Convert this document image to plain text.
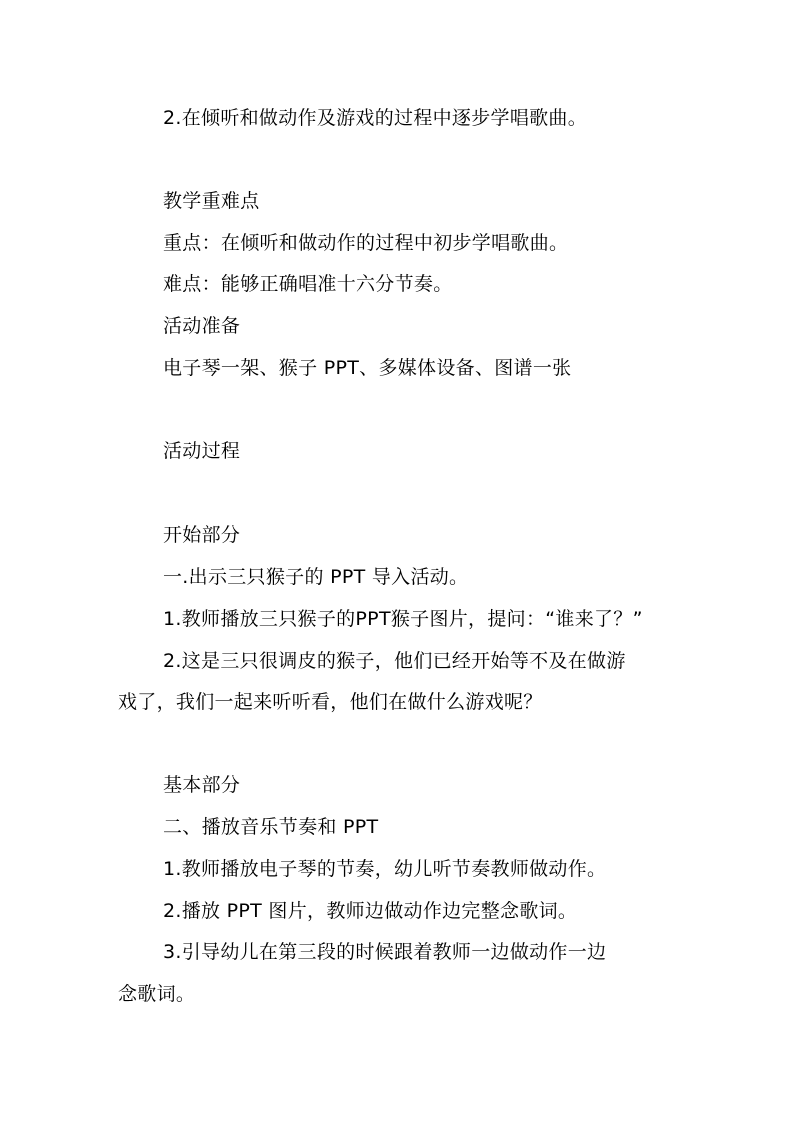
2.在倾听和做动作及游戏的过程中逐步学唱歌曲。
教学重难点
重点：在倾听和做动作的过程中初步学唱歌曲。
难点：能够正确唱准十六分节奏。
活动准备
电子琴一架、猴子 PPT、多媒体设备、图谱一张
活动过程
开始部分
一.出示三只猴子的 PPT 导入活动。
1.教师播放三只猴子的PPT猴子图片，提问：“谁来了？”
2.这是三只很调皮的猴子，他们已经开始等不及在做游
戏了，我们一起来听听看，他们在做什么游戏呢？
基本部分
二、播放音乐节奏和 PPT
1.教师播放电子琴的节奏，幼儿听节奏教师做动作。
2.播放 PPT 图片，教师边做动作边完整念歌词。
3.引导幼儿在第三段的时候跟着教师一边做动作一边
念歌词。
